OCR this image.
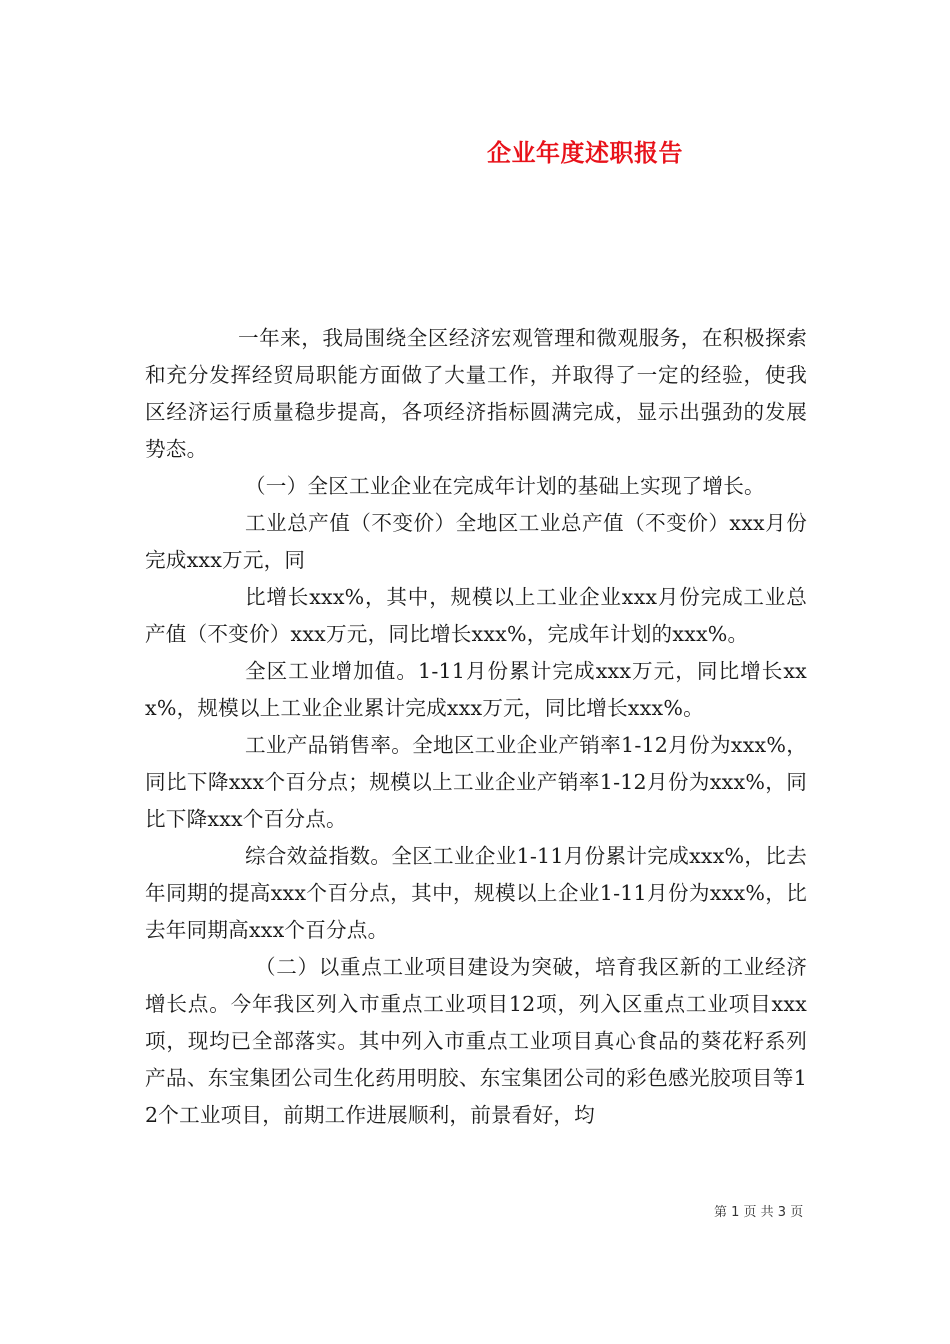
企业年度述职报告

一年来，我局围绕全区经济宏观管理和微观服务，在积极探索和充分发挥经贸局职能方面做了大量工作，并取得了一定的经验，使我区经济运行质量稳步提高，各项经济指标圆满完成，显示出强劲的发展势态。

（一）全区工业企业在完成年计划的基础上实现了增长。

工业总产值（不变价）全地区工业总产值（不变价）xxx月份完成xxx万元，同

比增长xxx%，其中，规模以上工业企业xxx月份完成工业总产值（不变价）xxx万元，同比增长xxx%，完成年计划的xxx%。

全区工业增加值。1-11月份累计完成xxx万元，同比增长xxx%，规模以上工业企业累计完成xxx万元，同比增长xxx%。

工业产品销售率。全地区工业企业产销率1-12月份为xxx%，同比下降xxx个百分点；规模以上工业企业产销率1-12月份为xxx%，同比下降xxx个百分点。

综合效益指数。全区工业企业1-11月份累计完成xxx%，比去年同期的提高xxx个百分点，其中，规模以上企业1-11月份为xxx%，比去年同期高xxx个百分点。

（二）以重点工业项目建设为突破，培育我区新的工业经济增长点。今年我区列入市重点工业项目12项，列入区重点工业项目xxx项，现均已全部落实。其中列入市重点工业项目真心食品的葵花籽系列产品、东宝集团公司生化药用明胶、东宝集团公司的彩色感光胶项目等12个工业项目，前期工作进展顺利，前景看好，均

第 1 页 共 3 页
